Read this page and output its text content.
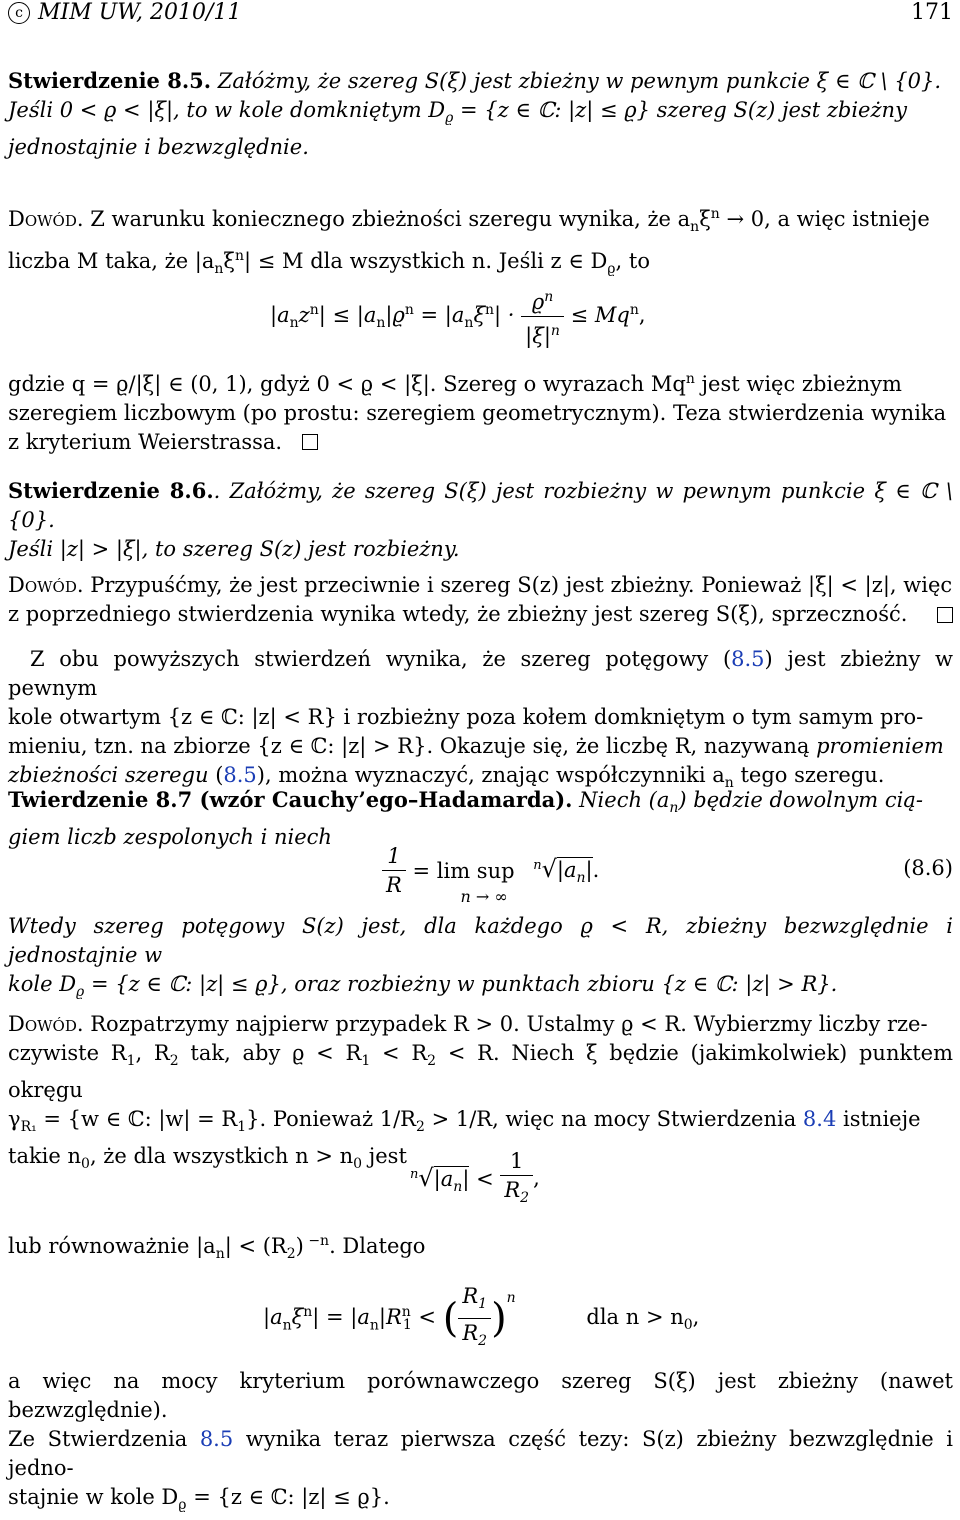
c MIM UW, 2010/11	171
Stwierdzenie 8.5. Załóżmy, że szereg S(ξ) jest zbieżny w pewnym punkcie ξ ∈ ℂ \ {0}.
Jeśli 0 < ϱ < |ξ|, to w kole domkniętym $D_ϱ = \{z$ ∈ ℂ: |z| ≤ ϱ} szereg S(z) jest zbieżny
jednostajnie i bezwzględnie.
Dowód. Z warunku koniecznego zbieżności szeregu wynika, że $a_n\xi^n \to 0$, a więc istnieje
liczba M taka, że $|a_n\xi^n| \le M$ dla wszystkich n. Jeśli z ∈ $D_ϱ$, to
$|a_nz^n| \le |a_n|ϱ^n = |a_n\xi^n| \cdot \frac{ϱ^n}{|\xi|^n} \le Mq^n$,
gdzie q = ϱ/|ξ| ∈ (0, 1), gdyż 0 < ϱ < |ξ|. Szereg o wyrazach Mq$^n$ jest więc zbieżnym
szeregiem liczbowym (po prostu: szeregiem geometrycznym). Teza stwierdzenia wynika
z kryterium Weierstrassa.
Stwierdzenie 8.6.. Załóżmy, że szereg S(ξ) jest rozbieżny w pewnym punkcie ξ ∈ ℂ \ {0}.
Jeśli |z| > |ξ|, to szereg S(z) jest rozbieżny.
Dowód. Przypuśćmy, że jest przeciwnie i szereg S(z) jest zbieżny. Ponieważ |ξ| < |z|, więc
z poprzedniego stwierdzenia wynika wtedy, że zbieżny jest szereg S(ξ), sprzeczność.
Z obu powyższych stwierdzeń wynika, że szereg potęgowy (8.5) jest zbieżny w pewnym
kole otwartym {z ∈ ℂ: |z| < R} i rozbieżny poza kołem domkniętym o tym samym pro-
mieniu, tzn. na zbiorze {z ∈ ℂ: |z| > R}. Okazuje się, że liczbę R, nazywaną promieniem
zbieżności szeregu (8.5), można wyznaczyć, znając współczynniki $a_n$ tego szeregu.
Twierdzenie 8.7 (wzór Cauchy’ego–Hadamarda). Niech $(a_n)$ będzie dowolnym cią-
giem liczb zespolonych i niech
$\frac{1}{R} = \lim$ sup
n → ∞
$^n√|a_n|$.	(8.6)
Wtedy szereg potęgowy S(z) jest, dla każdego ϱ < R, zbieżny bezwzględnie i jednostajnie w
kole $D_ϱ = \{z$ ∈ ℂ: |z| ≤ ϱ}, oraz rozbieżny w punktach zbioru {z ∈ ℂ: |z| > R}.
Dowód. Rozpatrzymy najpierw przypadek R > 0. Ustalmy ϱ < R. Wybierzmy liczby rze-
czywiste $R_1$, $R_2$ tak, aby $ϱ < R_1 < R_2 < R$. Niech ξ będzie (jakimkolwiek) punktem okręgu
$\gamma_{R_1} = \{w$ ∈ ℂ: $|w| = R_1$}. Ponieważ $1/R_2 > 1/R$, więc na mocy Stwierdzenia 8.4 istnieje
takie $n_0$, że dla wszystkich $n > n_0$ jest
$^n√|a_n| < \frac{1}{R_2}$ ,
lub równoważnie $|a_n| < (R_2)$ $^{-n}$. Dlatego
$|a_n\xi^n| = |a_n|R^n_1$ < ( $\frac{R_1}{R_2} )^n$ dla $n > n_0$,
a więc na mocy kryterium porównawczego szereg S(ξ) jest zbieżny (nawet bezwzględnie).
Ze Stwierdzenia 8.5 wynika teraz pierwsza część tezy: S(z) zbieżny bezwzględnie i jedno-
stajnie w kole $D_ϱ = \{z$ ∈ ℂ: |z| ≤ ϱ}.
